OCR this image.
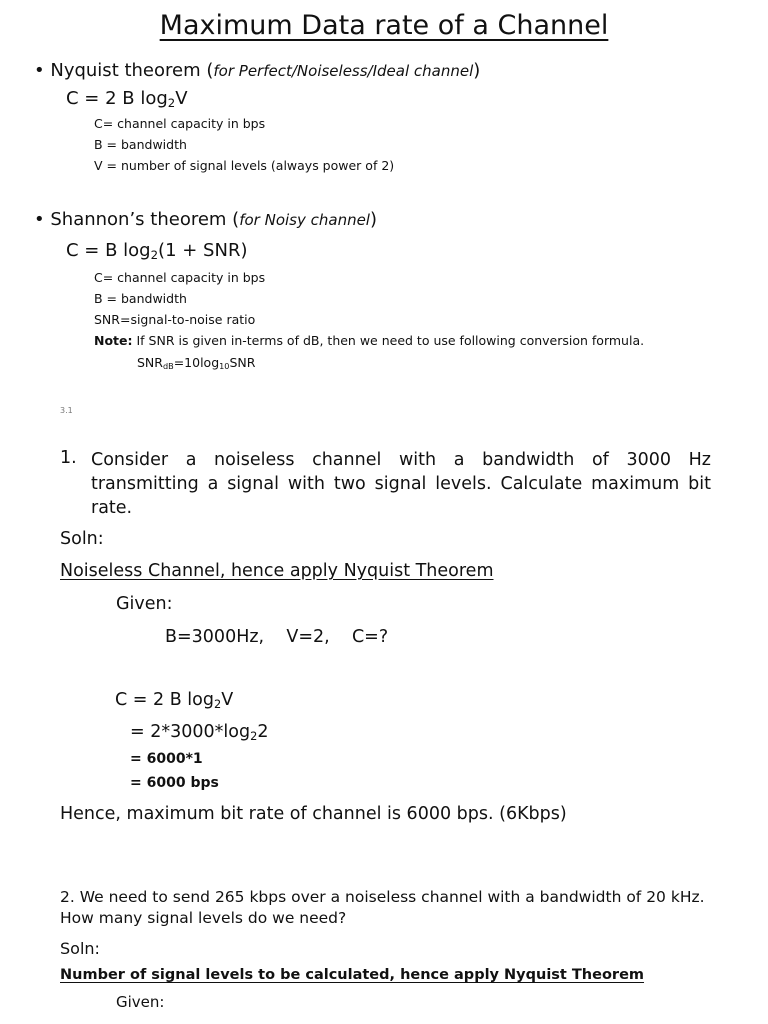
Maximum Data rate of a Channel
• Nyquist theorem (for Perfect/Noiseless/Ideal channel)
C = 2 B $\log_2V$
C= channel capacity in bps
B = bandwidth
V = number of signal levels (always power of 2)
• Shannon’s theorem (for Noisy channel)
C = B $\log_2(1 + SNR)$
C= channel capacity in bps
B = bandwidth
SNR=signal-to-noise ratio
Note: If SNR is given in-terms of dB, then we need to use following conversion formula.
$SNR_{dB}=10\log_{10}SNR$
3.1
1. Consider a noiseless channel with a bandwidth of 3000 Hz transmitting a signal with two signal levels. Calculate maximum bit rate.
Soln:
Noiseless Channel, hence apply Nyquist Theorem
Given:
B=3000Hz,    V=2,    C=?
C = 2 B $\log_2V$
= $2*3000*\log_22$
= 6000*1
= 6000 bps
Hence, maximum bit rate of channel is 6000 bps. (6Kbps)
2. We need to send 265 kbps over a noiseless channel with a bandwidth of 20 kHz. How many signal levels do we need?
Soln:
Number of signal levels to be calculated, hence apply Nyquist Theorem
Given:
